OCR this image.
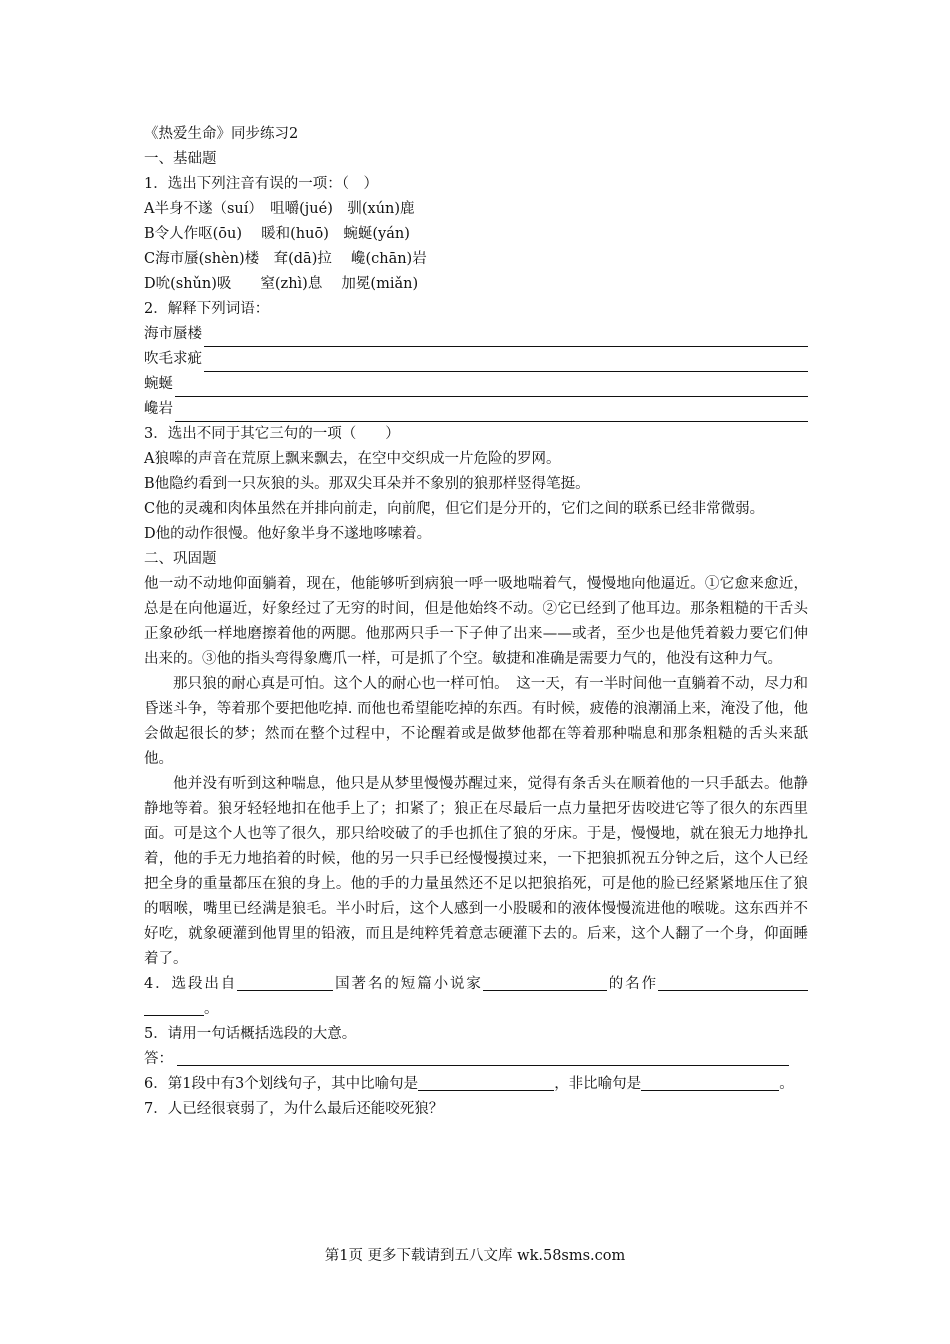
《热爱生命》同步练习2
一、基础题
1．选出下列注音有误的一项：（　）
A半身不遂（suí）　咀嚼(jué)　驯(xún)鹿
B令人作呕(ōu)　 暖和(huō)　蜿蜒(yán)
C海市蜃(shèn)楼　耷(dā)拉　 巉(chān)岩
D吮(shǔn)吸　　窒(zhì)息　 加冕(miǎn)
2．解释下列词语：
海市蜃楼
吹毛求疵
蜿蜒
巉岩
3．选出不同于其它三句的一项（　　）
A狼嗥的声音在荒原上飘来飘去，在空中交织成一片危险的罗网。
B他隐约看到一只灰狼的头。那双尖耳朵并不象别的狼那样竖得笔挺。
C他的灵魂和肉体虽然在并排向前走，向前爬，但它们是分开的，它们之间的联系已经非常微弱。
D他的动作很慢。他好象半身不遂地哆嗦着。
二、巩固题
他一动不动地仰面躺着，现在，他能够听到病狼一呼一吸地喘着气，慢慢地向他逼近。①它愈来愈近，总是在向他逼近，好象经过了无穷的时间，但是他始终不动。②它已经到了他耳边。那条粗糙的干舌头正象砂纸一样地磨擦着他的两腮。他那两只手一下子伸了出来——或者，至少也是他凭着毅力要它们伸出来的。③他的指头弯得象鹰爪一样，可是抓了个空。敏捷和准确是需要力气的，他没有这种力气。
那只狼的耐心真是可怕。这个人的耐心也一样可怕。　这一天，有一半时间他一直躺着不动，尽力和昏迷斗争，等着那个要把他吃掉. 而他也希望能吃掉的东西。有时候，疲倦的浪潮涌上来，淹没了他，他会做起很长的梦；然而在整个过程中，不论醒着或是做梦他都在等着那种喘息和那条粗糙的舌头来舐他。
他并没有听到这种喘息，他只是从梦里慢慢苏醒过来，觉得有条舌头在顺着他的一只手舐去。他静静地等着。狼牙轻轻地扣在他手上了；扣紧了；狼正在尽最后一点力量把牙齿咬进它等了很久的东西里面。可是这个人也等了很久，那只给咬破了的手也抓住了狼的牙床。于是，慢慢地，就在狼无力地挣扎着，他的手无力地掐着的时候，他的另一只手已经慢慢摸过来，一下把狼抓祝五分钟之后，这个人已经把全身的重量都压在狼的身上。他的手的力量虽然还不足以把狼掐死，可是他的脸已经紧紧地压住了狼的咽喉，嘴里已经满是狼毛。半小时后，这个人感到一小股暖和的液体慢慢流进他的喉咙。这东西并不好吃，就象硬灌到他胃里的铅液，而且是纯粹凭着意志硬灌下去的。后来，这个人翻了一个身，仰面睡着了。
4．选段出自	国著名的短篇小说家	的名作。
5．请用一句话概括选段的大意。
答：
6．第1段中有3个划线句子，其中比喻句是	，非比喻句是	。
7．人已经很衰弱了，为什么最后还能咬死狼？
第1页 更多下载请到五八文库 wk.58sms.com
